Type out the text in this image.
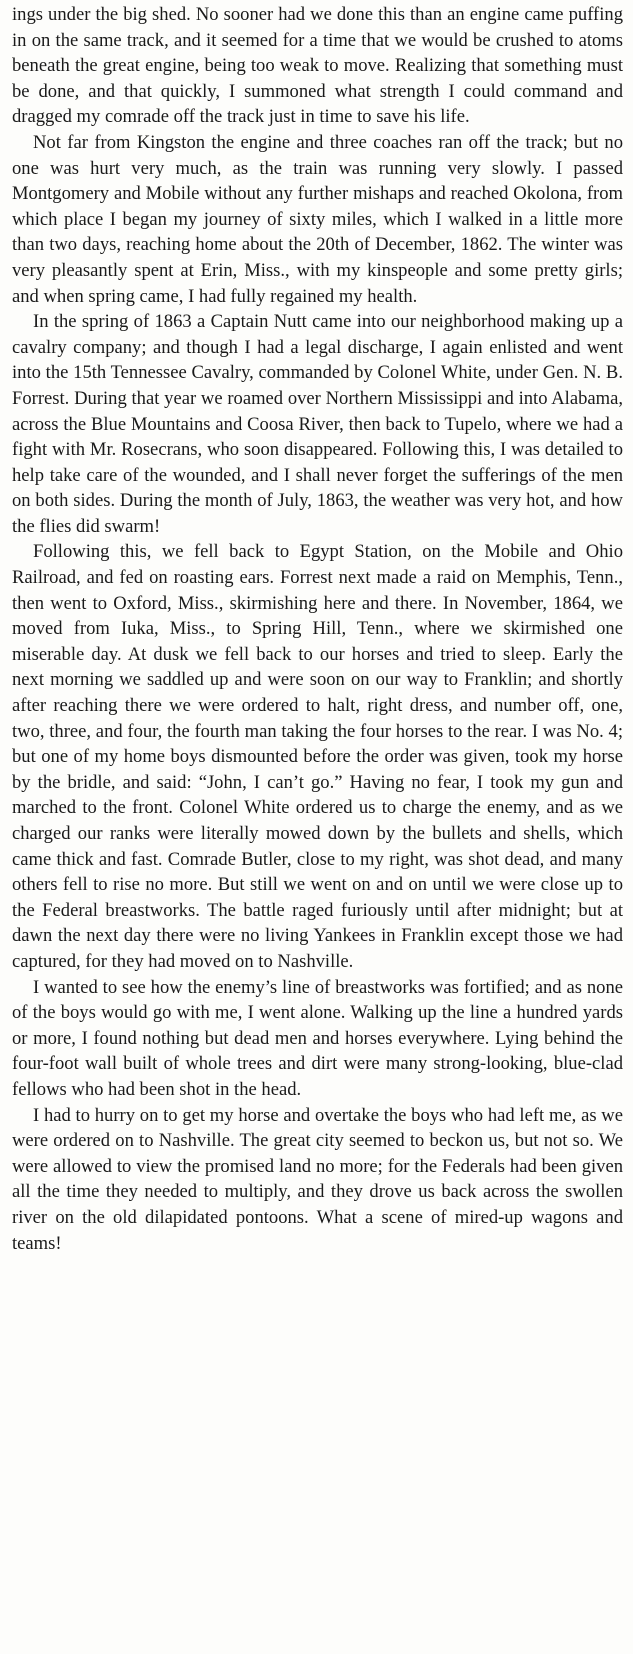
ings under the big shed. No sooner had we done this than an engine came puffing in on the same track, and it seemed for a time that we would be crushed to atoms beneath the great engine, being too weak to move. Realizing that something must be done, and that quickly, I summoned what strength I could command and dragged my comrade off the track just in time to save his life.

Not far from Kingston the engine and three coaches ran off the track; but no one was hurt very much, as the train was running very slowly. I passed Montgomery and Mobile without any further mishaps and reached Okolona, from which place I began my journey of sixty miles, which I walked in a little more than two days, reaching home about the 20th of December, 1862. The winter was very pleasantly spent at Erin, Miss., with my kinspeople and some pretty girls; and when spring came, I had fully regained my health.

In the spring of 1863 a Captain Nutt came into our neighborhood making up a cavalry company; and though I had a legal discharge, I again enlisted and went into the 15th Tennessee Cavalry, commanded by Colonel White, under Gen. N. B. Forrest. During that year we roamed over Northern Mississippi and into Alabama, across the Blue Mountains and Coosa River, then back to Tupelo, where we had a fight with Mr. Rosecrans, who soon disappeared. Following this, I was detailed to help take care of the wounded, and I shall never forget the sufferings of the men on both sides. During the month of July, 1863, the weather was very hot, and how the flies did swarm!

Following this, we fell back to Egypt Station, on the Mobile and Ohio Railroad, and fed on roasting ears. Forrest next made a raid on Memphis, Tenn., then went to Oxford, Miss., skirmishing here and there. In November, 1864, we moved from Iuka, Miss., to Spring Hill, Tenn., where we skirmished one miserable day. At dusk we fell back to our horses and tried to sleep. Early the next morning we saddled up and were soon on our way to Franklin; and shortly after reaching there we were ordered to halt, right dress, and number off, one, two, three, and four, the fourth man taking the four horses to the rear. I was No. 4; but one of my home boys dismounted before the order was given, took my horse by the bridle, and said: “John, I can’t go.” Having no fear, I took my gun and marched to the front. Colonel White ordered us to charge the enemy, and as we charged our ranks were literally mowed down by the bullets and shells, which came thick and fast. Comrade Butler, close to my right, was shot dead, and many others fell to rise no more. But still we went on and on until we were close up to the Federal breastworks. The battle raged furiously until after midnight; but at dawn the next day there were no living Yankees in Franklin except those we had captured, for they had moved on to Nashville.

I wanted to see how the enemy’s line of breastworks was fortified; and as none of the boys would go with me, I went alone. Walking up the line a hundred yards or more, I found nothing but dead men and horses everywhere. Lying behind the four-foot wall built of whole trees and dirt were many strong-looking, blue-clad fellows who had been shot in the head.

I had to hurry on to get my horse and overtake the boys who had left me, as we were ordered on to Nashville. The great city seemed to beckon us, but not so. We were allowed to view the promised land no more; for the Federals had been given all the time they needed to multiply, and they drove us back across the swollen river on the old dilapidated pontoons. What a scene of mired-up wagons and teams!
